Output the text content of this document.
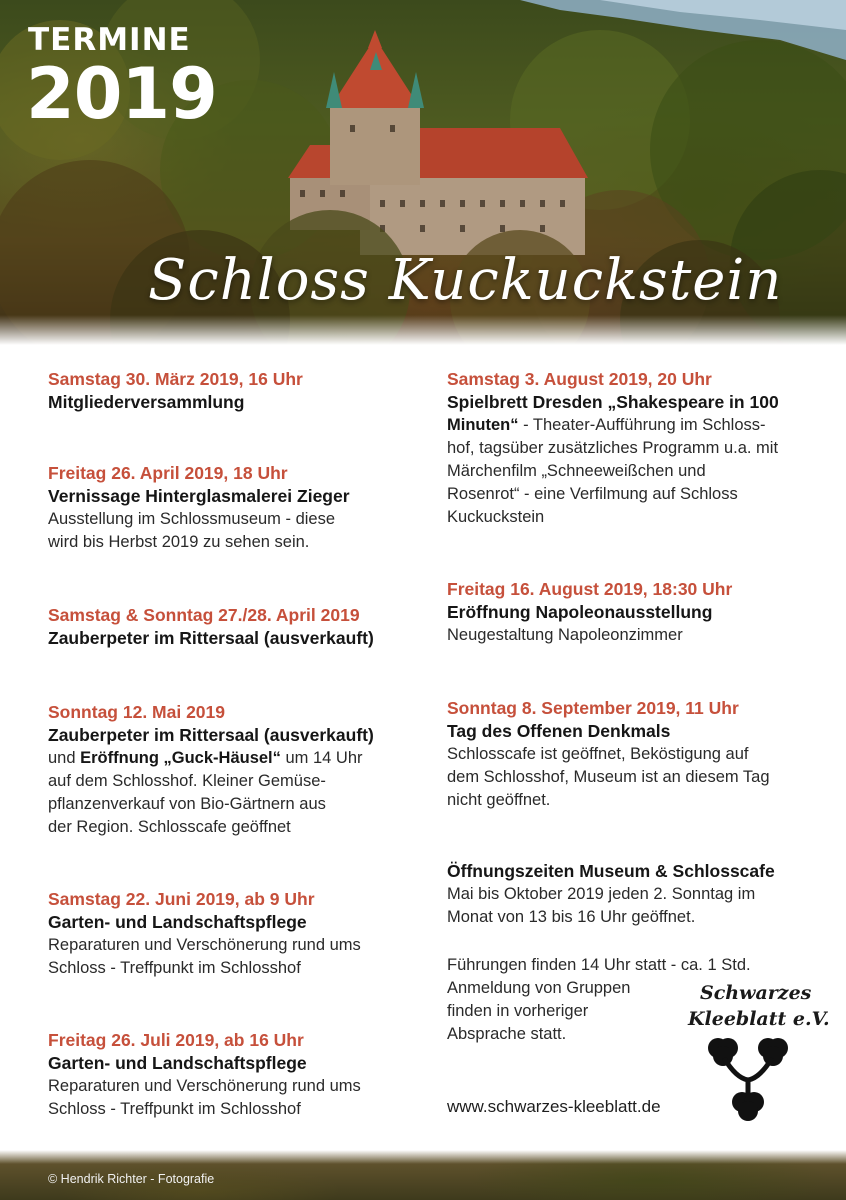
TERMINE

2019

Schloss Kuckuckstein

Samstag 30. März 2019, 16 Uhr

Mitgliederversammlung

Freitag 26. April 2019, 18 Uhr

Vernissage Hinterglasmalerei Zieger

Ausstellung im Schlossmuseum - diese

wird bis Herbst 2019 zu sehen sein.

Samstag & Sonntag 27./28. April 2019

Zauberpeter im Rittersaal (ausverkauft)

Sonntag 12. Mai 2019

Zauberpeter im Rittersaal (ausverkauft)

und Eröffnung „Guck-Häusel“ um 14 Uhr

auf dem Schlosshof. Kleiner Gemüse-

pflanzenverkauf von Bio-Gärtnern aus

der Region. Schlosscafe geöffnet

Samstag 22. Juni 2019, ab 9 Uhr

Garten- und Landschaftspflege

Reparaturen und Verschönerung rund ums

Schloss - Treffpunkt im Schlosshof

Freitag 26. Juli 2019, ab 16 Uhr

Garten- und Landschaftspflege

Reparaturen und Verschönerung rund ums

Schloss - Treffpunkt im Schlosshof

Samstag 3. August 2019, 20 Uhr

Spielbrett Dresden „Shakespeare in 100

Minuten“ - Theater-Aufführung im Schloss-

hof, tagsüber zusätzliches Programm u.a. mit

Märchenfilm „Schneeweißchen und

Rosenrot“ - eine Verfilmung auf Schloss

Kuckuckstein

Freitag 16. August 2019, 18:30 Uhr

Eröffnung Napoleonausstellung

Neugestaltung Napoleonzimmer

Sonntag 8. September 2019, 11 Uhr

Tag des Offenen Denkmals

Schlosscafe ist geöffnet, Beköstigung auf

dem Schlosshof, Museum ist an diesem Tag

nicht geöffnet.

Öffnungszeiten Museum & Schlosscafe

Mai bis Oktober 2019 jeden 2. Sonntag im

Monat von 13 bis 16 Uhr geöffnet.

Führungen finden 14 Uhr statt - ca. 1 Std.

Anmeldung von Gruppen

finden in vorheriger

Absprache statt.

www.schwarzes-kleeblatt.de

Schwarzes

Kleeblatt e.V.

© Hendrik Richter - Fotografie
